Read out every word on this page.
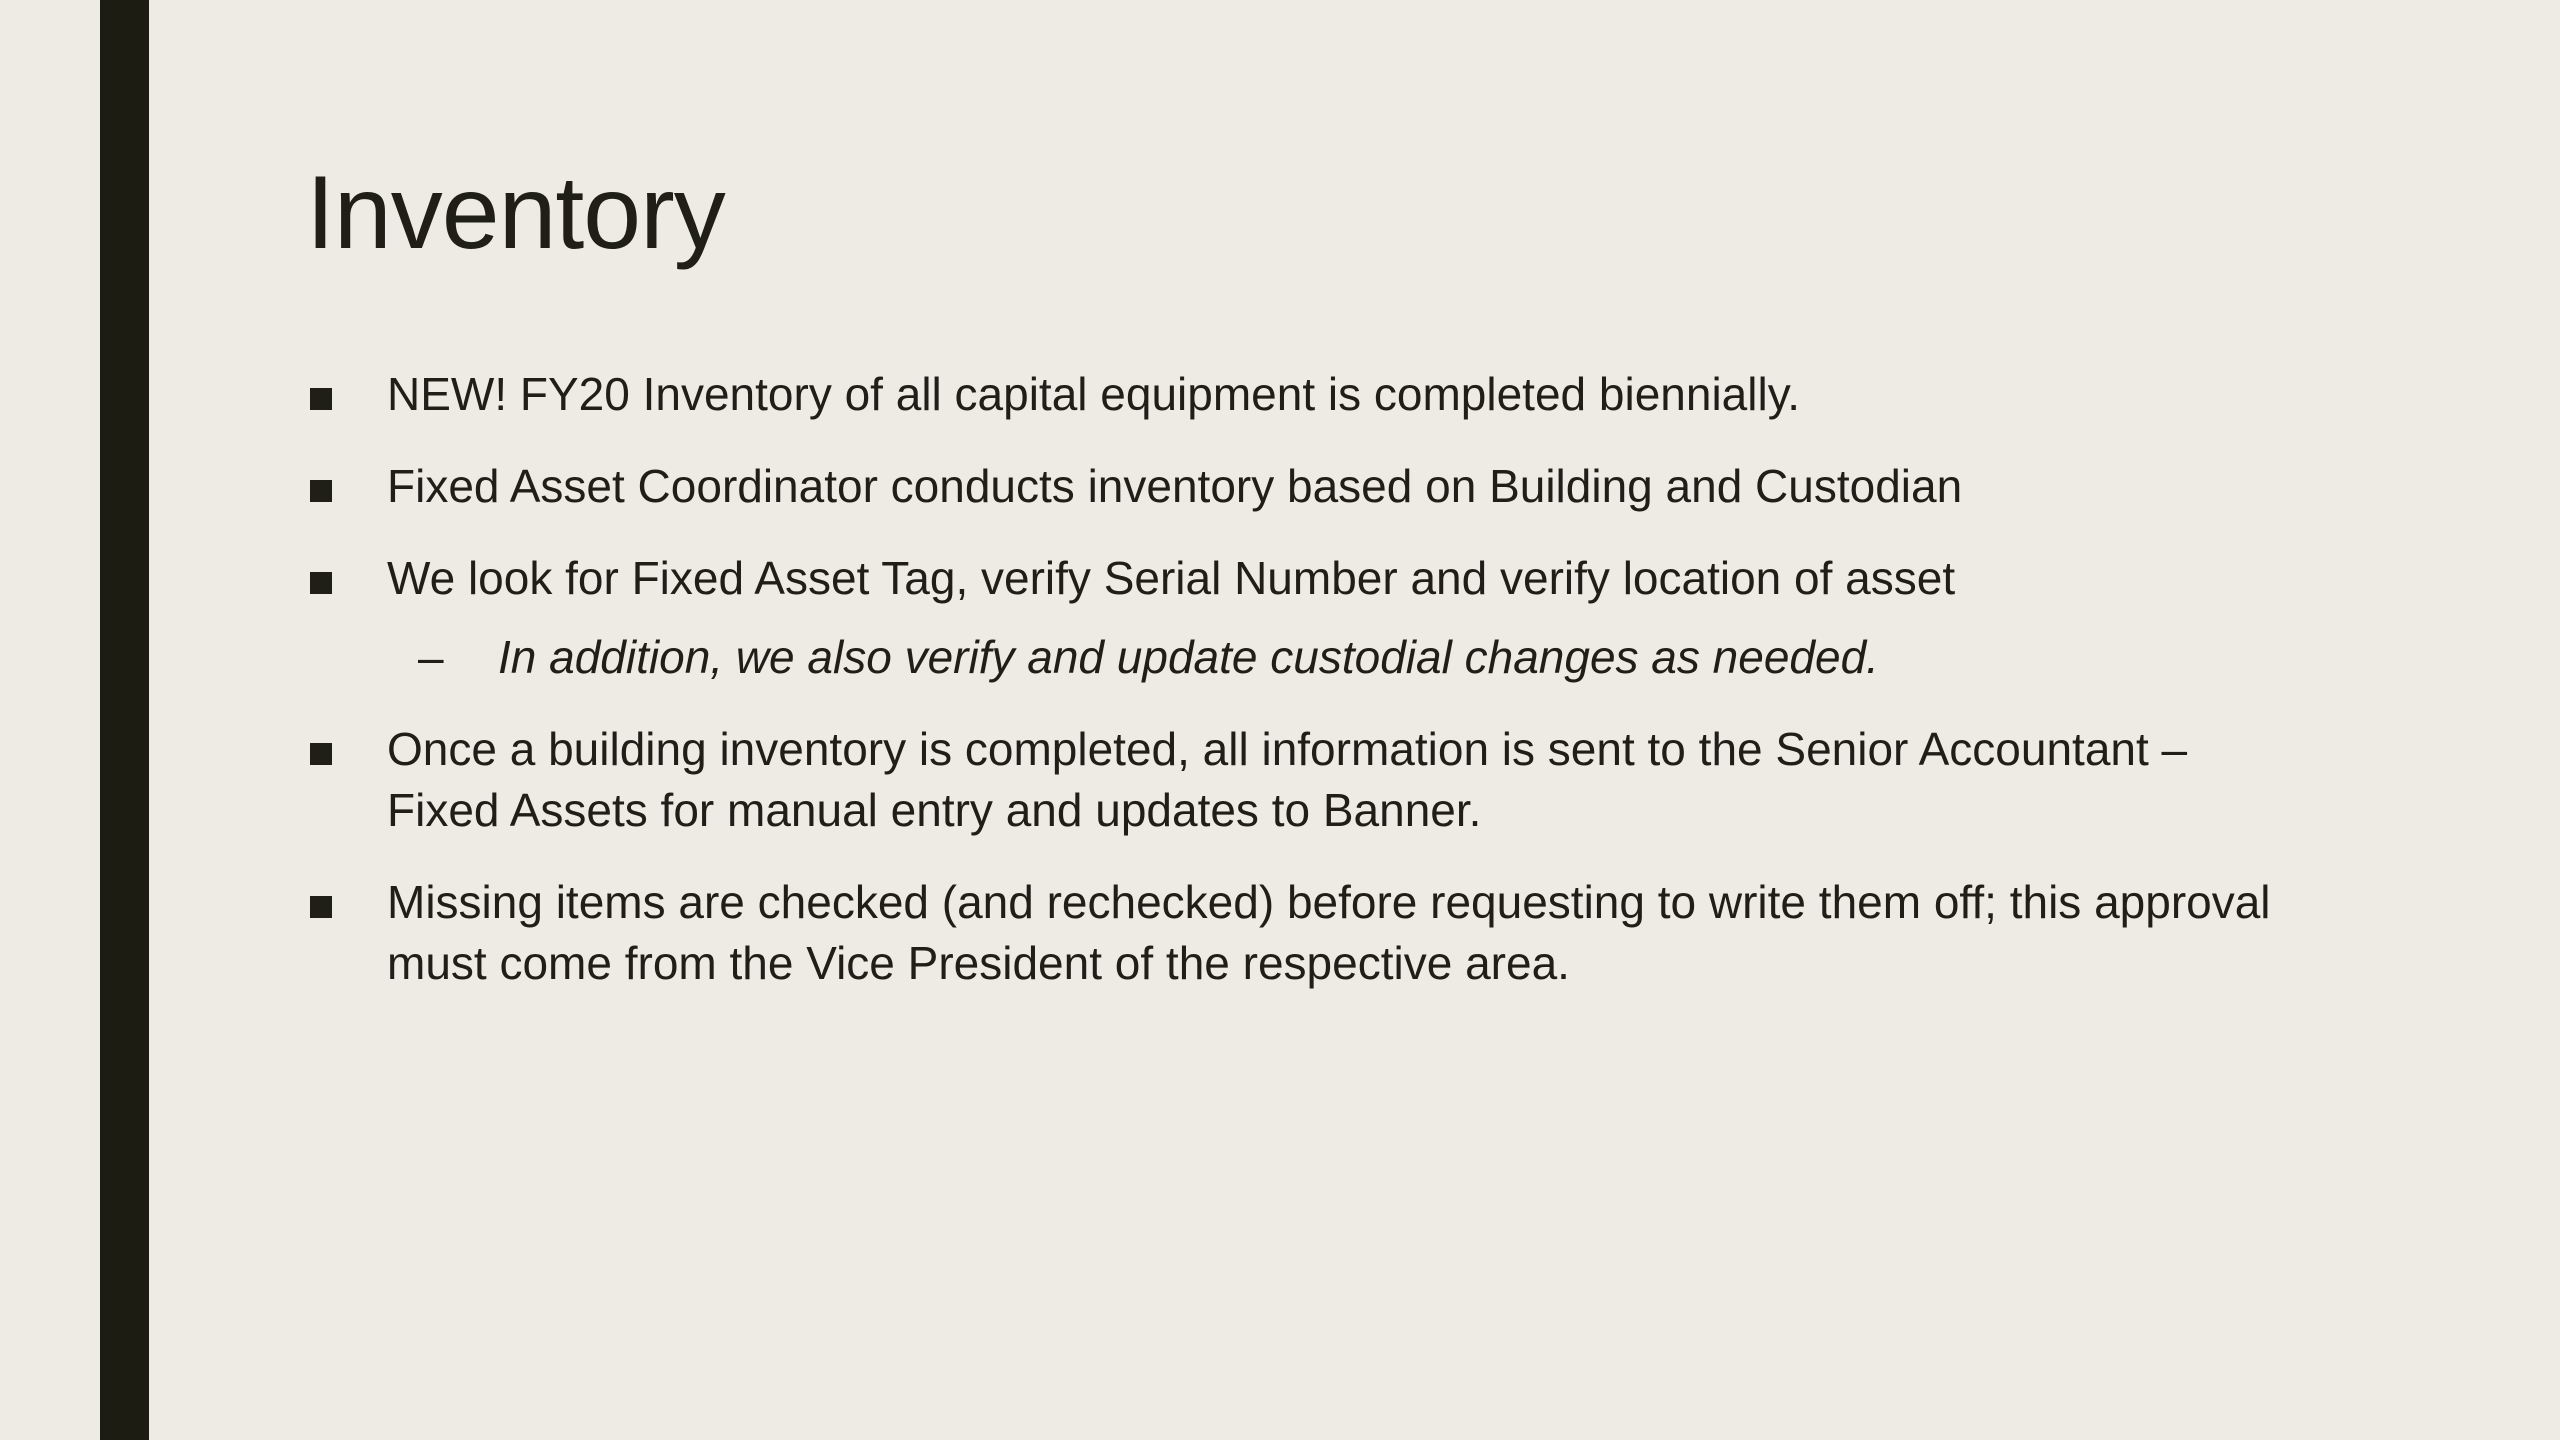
Inventory
NEW! FY20 Inventory of all capital equipment is completed biennially.
Fixed Asset Coordinator conducts inventory based on Building and Custodian
We look for Fixed Asset Tag, verify Serial Number and verify location of asset
– In addition, we also verify and update custodial changes as needed.
Once a building inventory is completed, all information is sent to the Senior Accountant – Fixed Assets for manual entry and updates to Banner.
Missing items are checked (and rechecked) before requesting to write them off; this approval must come from the Vice President of the respective area.
